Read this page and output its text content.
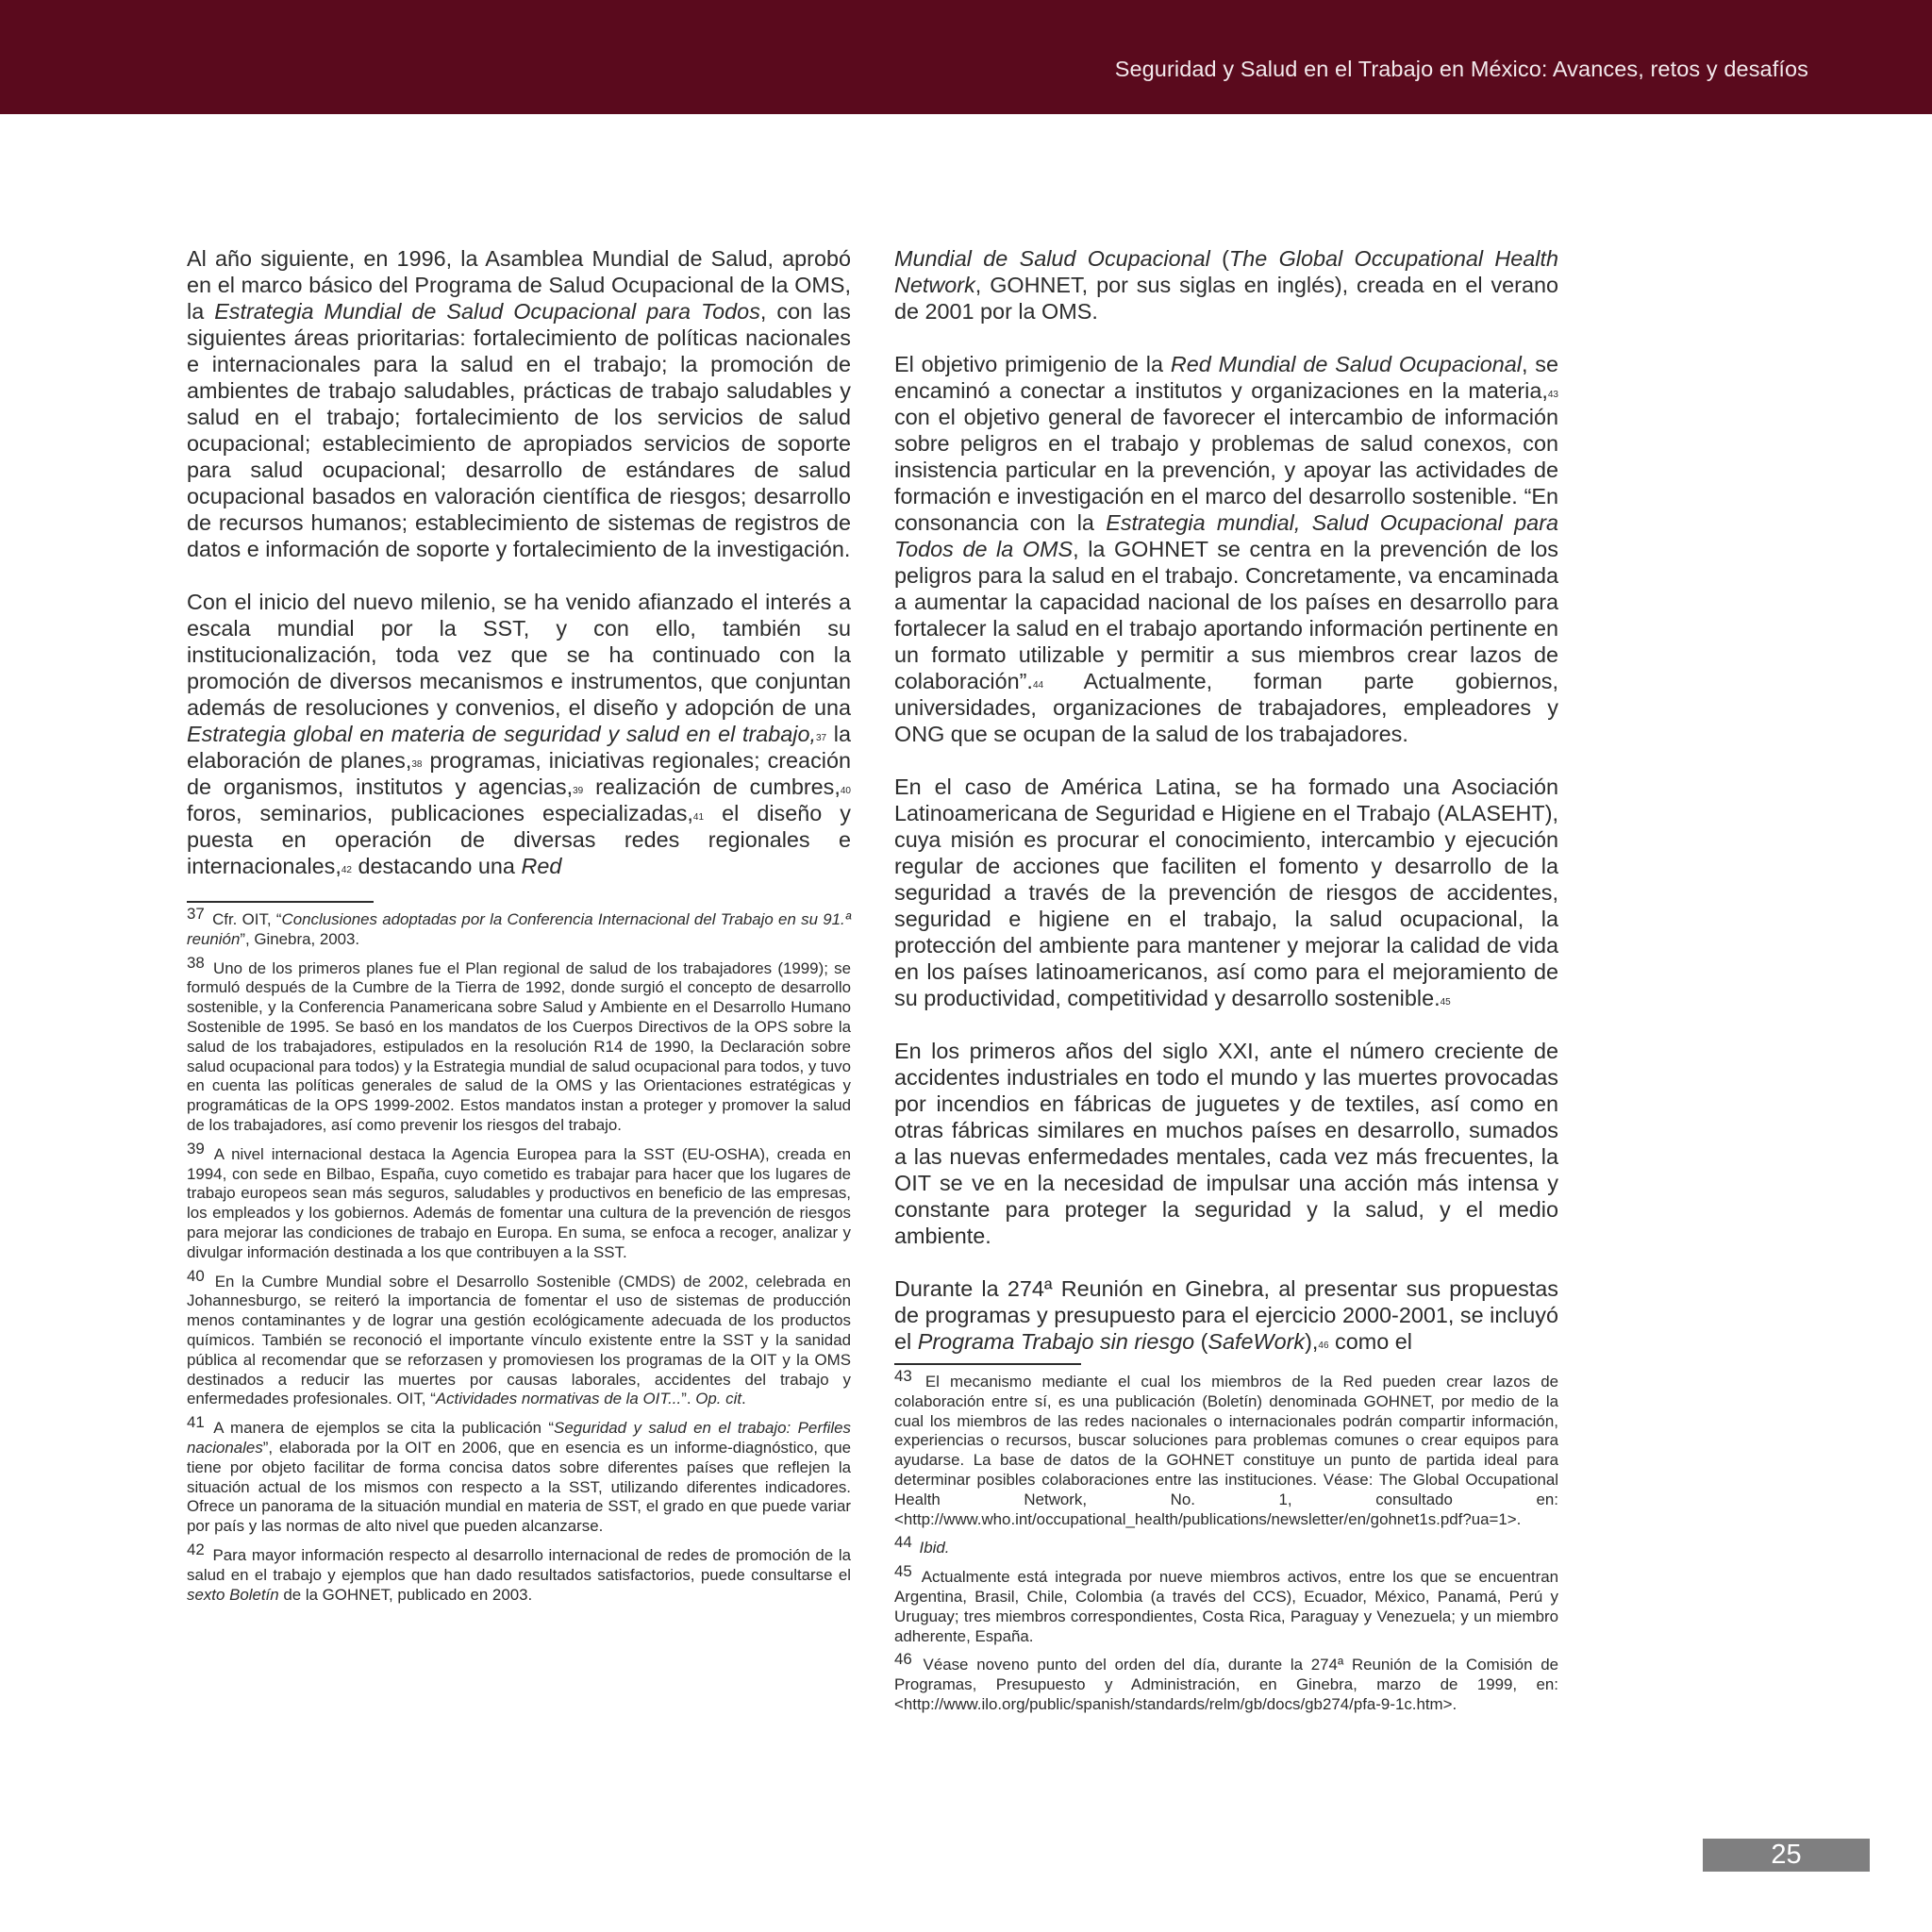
Seguridad y Salud en el Trabajo en México: Avances, retos y desafíos

Al año siguiente, en 1996, la Asamblea Mundial de Salud, aprobó en el marco básico del Programa de Salud Ocupacional de la OMS, la Estrategia Mundial de Salud Ocupacional para Todos, con las siguientes áreas prioritarias: fortalecimiento de políticas nacionales e internacionales para la salud en el trabajo; la promoción de ambientes de trabajo saludables, prácticas de trabajo saludables y salud en el trabajo; fortalecimiento de los servicios de salud ocupacional; establecimiento de apropiados servicios de soporte para salud ocupacional; desarrollo de estándares de salud ocupacional basados en valoración científica de riesgos; desarrollo de recursos humanos; establecimiento de sistemas de registros de datos e información de soporte y fortalecimiento de la investigación.

Con el inicio del nuevo milenio, se ha venido afianzado el interés a escala mundial por la SST, y con ello, también su institucionalización, toda vez que se ha continuado con la promoción de diversos mecanismos e instrumentos, que conjuntan además de resoluciones y convenios, el diseño y adopción de una Estrategia global en materia de seguridad y salud en el trabajo,$^{37}$ la elaboración de planes,$^{38}$ programas, iniciativas regionales; creación de organismos, institutos y agencias,$^{39}$ realización de cumbres,$^{40}$ foros, seminarios, publicaciones especializadas,$^{41}$ el diseño y puesta en operación de diversas redes regionales e internacionales,$^{42}$ destacando una Red

37 Cfr. OIT, “Conclusiones adoptadas por la Conferencia Internacional del Trabajo en su 91.ª reunión”, Ginebra, 2003.

38 Uno de los primeros planes fue el Plan regional de salud de los trabajadores (1999); se formuló después de la Cumbre de la Tierra de 1992, donde surgió el concepto de desarrollo sostenible, y la Conferencia Panamericana sobre Salud y Ambiente en el Desarrollo Humano Sostenible de 1995. Se basó en los mandatos de los Cuerpos Directivos de la OPS sobre la salud de los trabajadores, estipulados en la resolución R14 de 1990, la Declaración sobre salud ocupacional para todos) y la Estrategia mundial de salud ocupacional para todos, y tuvo en cuenta las políticas generales de salud de la OMS y las Orientaciones estratégicas y programáticas de la OPS 1999-2002. Estos mandatos instan a proteger y promover la salud de los trabajadores, así como prevenir los riesgos del trabajo.

39 A nivel internacional destaca la Agencia Europea para la SST (EU-OSHA), creada en 1994, con sede en Bilbao, España, cuyo cometido es trabajar para hacer que los lugares de trabajo europeos sean más seguros, saludables y productivos en beneficio de las empresas, los empleados y los gobiernos. Además de fomentar una cultura de la prevención de riesgos para mejorar las condiciones de trabajo en Europa. En suma, se enfoca a recoger, analizar y divulgar información destinada a los que contribuyen a la SST.

40 En la Cumbre Mundial sobre el Desarrollo Sostenible (CMDS) de 2002, celebrada en Johannesburgo, se reiteró la importancia de fomentar el uso de sistemas de producción menos contaminantes y de lograr una gestión ecológicamente adecuada de los productos químicos. También se reconoció el importante vínculo existente entre la SST y la sanidad pública al recomendar que se reforzasen y promoviesen los programas de la OIT y la OMS destinados a reducir las muertes por causas laborales, accidentes del trabajo y enfermedades profesionales. OIT, “Actividades normativas de la OIT...”. Op. cit.

41 A manera de ejemplos se cita la publicación “Seguridad y salud en el trabajo: Perfiles nacionales”, elaborada por la OIT en 2006, que en esencia es un informe-diagnóstico, que tiene por objeto facilitar de forma concisa datos sobre diferentes países que reflejen la situación actual de los mismos con respecto a la SST, utilizando diferentes indicadores. Ofrece un panorama de la situación mundial en materia de SST, el grado en que puede variar por país y las normas de alto nivel que pueden alcanzarse.

42 Para mayor información respecto al desarrollo internacional de redes de promoción de la salud en el trabajo y ejemplos que han dado resultados satisfactorios, puede consultarse el sexto Boletín de la GOHNET, publicado en 2003.

Mundial de Salud Ocupacional (The Global Occupational Health Network, GOHNET, por sus siglas en inglés), creada en el verano de 2001 por la OMS.

El objetivo primigenio de la Red Mundial de Salud Ocupacional, se encaminó a conectar a institutos y organizaciones en la materia,$^{43}$ con el objetivo general de favorecer el intercambio de información sobre peligros en el trabajo y problemas de salud conexos, con insistencia particular en la prevención, y apoyar las actividades de formación e investigación en el marco del desarrollo sostenible. “En consonancia con la Estrategia mundial, Salud Ocupacional para Todos de la OMS, la GOHNET se centra en la prevención de los peligros para la salud en el trabajo. Concretamente, va encaminada a aumentar la capacidad nacional de los países en desarrollo para fortalecer la salud en el trabajo aportando información pertinente en un formato utilizable y permitir a sus miembros crear lazos de colaboración”.$^{44}$ Actualmente, forman parte gobiernos, universidades, organizaciones de trabajadores, empleadores y ONG que se ocupan de la salud de los trabajadores.

En el caso de América Latina, se ha formado una Asociación Latinoamericana de Seguridad e Higiene en el Trabajo (ALASEHT), cuya misión es procurar el conocimiento, intercambio y ejecución regular de acciones que faciliten el fomento y desarrollo de la seguridad a través de la prevención de riesgos de accidentes, seguridad e higiene en el trabajo, la salud ocupacional, la protección del ambiente para mantener y mejorar la calidad de vida en los países latinoamericanos, así como para el mejoramiento de su productividad, competitividad y desarrollo sostenible.$^{45}$

En los primeros años del siglo XXI, ante el número creciente de accidentes industriales en todo el mundo y las muertes provocadas por incendios en fábricas de juguetes y de textiles, así como en otras fábricas similares en muchos países en desarrollo, sumados a las nuevas enfermedades mentales, cada vez más frecuentes, la OIT se ve en la necesidad de impulsar una acción más intensa y constante para proteger la seguridad y la salud, y el medio ambiente.

Durante la 274ª Reunión en Ginebra, al presentar sus propuestas de programas y presupuesto para el ejercicio 2000-2001, se incluyó el Programa Trabajo sin riesgo (SafeWork),$^{46}$ como el

43 El mecanismo mediante el cual los miembros de la Red pueden crear lazos de colaboración entre sí, es una publicación (Boletín) denominada GOHNET, por medio de la cual los miembros de las redes nacionales o internacionales podrán compartir información, experiencias o recursos, buscar soluciones para problemas comunes o crear equipos para ayudarse. La base de datos de la GOHNET constituye un punto de partida ideal para determinar posibles colaboraciones entre las instituciones. Véase: The Global Occupational Health Network, No. 1, consultado en: <http://www.who.int/occupational_health/publications/newsletter/en/gohnet1s.pdf?ua=1>.

44 Ibid.

45 Actualmente está integrada por nueve miembros activos, entre los que se encuentran Argentina, Brasil, Chile, Colombia (a través del CCS), Ecuador, México, Panamá, Perú y Uruguay; tres miembros correspondientes, Costa Rica, Paraguay y Venezuela; y un miembro adherente, España.

46 Véase noveno punto del orden del día, durante la 274ª Reunión de la Comisión de Programas, Presupuesto y Administración, en Ginebra, marzo de 1999, en: <http://www.ilo.org/public/spanish/standards/relm/gb/docs/gb274/pfa-9-1c.htm>.

25
